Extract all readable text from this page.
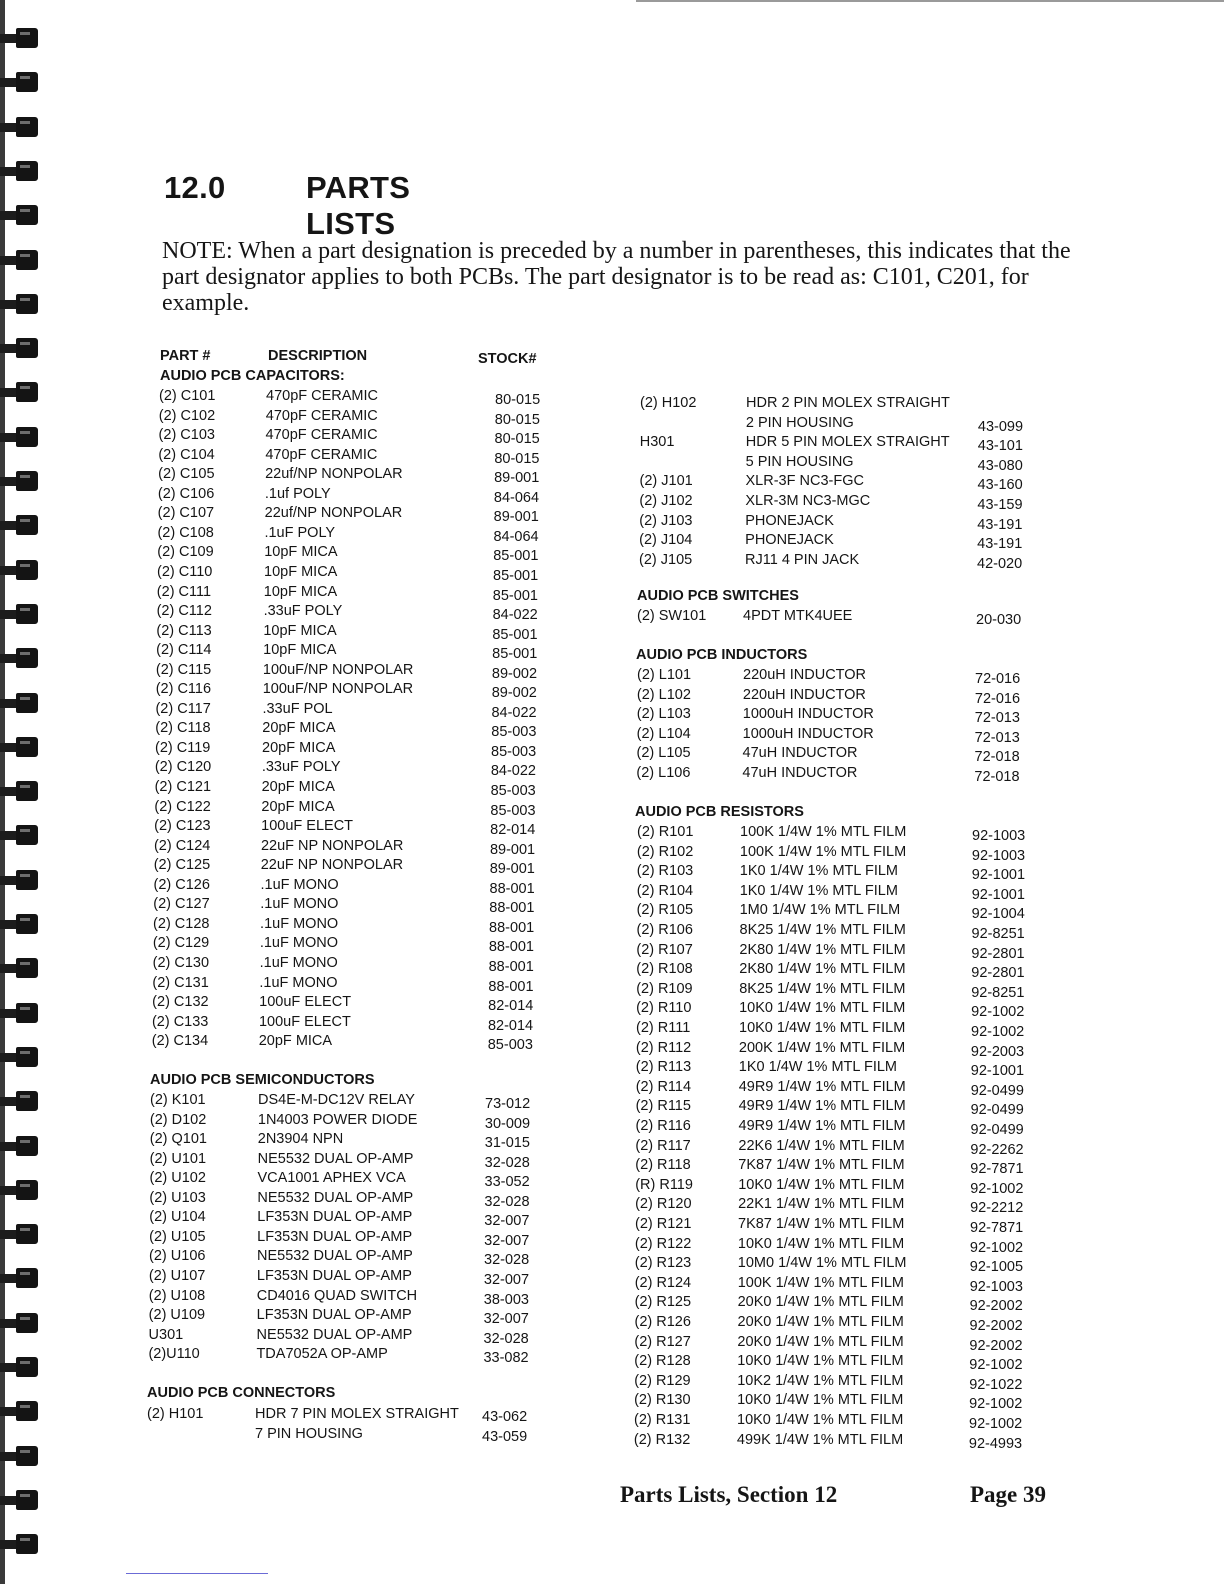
12.0	PARTS LISTS
NOTE: When a part designation is preceded by a number in parentheses, this indicates that the part designator applies to both PCBs. The part designator is to be read as: C101, C201, for example.
PART #	DESCRIPTION	STOCK#
AUDIO PCB CAPACITORS:
(2) C101	470pF CERAMIC	80-015
(2) C102	470pF CERAMIC	80-015
(2) C103	470pF CERAMIC	80-015
(2) C104	470pF CERAMIC	80-015
(2) C105	22uf/NP NONPOLAR	89-001
(2) C106	.1uf POLY	84-064
(2) C107	22uf/NP NONPOLAR	89-001
(2) C108	.1uF POLY	84-064
(2) C109	10pF MICA	85-001
(2) C110	10pF MICA	85-001
(2) C111	10pF MICA	85-001
(2) C112	.33uF POLY	84-022
(2) C113	10pF MICA	85-001
(2) C114	10pF MICA	85-001
(2) C115	100uF/NP NONPOLAR	89-002
(2) C116	100uF/NP NONPOLAR	89-002
(2) C117	.33uF POL	84-022
(2) C118	20pF MICA	85-003
(2) C119	20pF MICA	85-003
(2) C120	.33uF POLY	84-022
(2) C121	20pF MICA	85-003
(2) C122	20pF MICA	85-003
(2) C123	100uF ELECT	82-014
(2) C124	22uF NP NONPOLAR	89-001
(2) C125	22uF NP NONPOLAR	89-001
(2) C126	.1uF MONO	88-001
(2) C127	.1uF MONO	88-001
(2) C128	.1uF MONO	88-001
(2) C129	.1uF MONO	88-001
(2) C130	.1uF MONO	88-001
(2) C131	.1uF MONO	88-001
(2) C132	100uF ELECT	82-014
(2) C133	100uF ELECT	82-014
(2) C134	20pF MICA	85-003
AUDIO PCB SEMICONDUCTORS
(2) K101	DS4E-M-DC12V RELAY	73-012
(2) D102	1N4003 POWER DIODE	30-009
(2) Q101	2N3904 NPN	31-015
(2) U101	NE5532 DUAL OP-AMP	32-028
(2) U102	VCA1001 APHEX VCA	33-052
(2) U103	NE5532 DUAL OP-AMP	32-028
(2) U104	LF353N DUAL OP-AMP	32-007
(2) U105	LF353N DUAL OP-AMP	32-007
(2) U106	NE5532 DUAL OP-AMP	32-028
(2) U107	LF353N DUAL OP-AMP	32-007
(2) U108	CD4016 QUAD SWITCH	38-003
(2) U109	LF353N DUAL OP-AMP	32-007
U301	NE5532 DUAL OP-AMP	32-028
(2)U110	TDA7052A OP-AMP	33-082
AUDIO PCB CONNECTORS
(2) H101	HDR 7 PIN MOLEX STRAIGHT 43-062
7 PIN HOUSING	43-059
(2) H102	HDR 2 PIN MOLEX STRAIGHT
2 PIN HOUSING	43-099
H301	HDR 5 PIN MOLEX STRAIGHT 43-101
5 PIN HOUSING	43-080
(2) J101	XLR-3F NC3-FGC	43-160
(2) J102	XLR-3M NC3-MGC	43-159
(2) J103	PHONEJACK	43-191
(2) J104	PHONEJACK	43-191
(2) J105	RJ11 4 PIN JACK	42-020
AUDIO PCB SWITCHES
(2) SW101	4PDT MTK4UEE	20-030
AUDIO PCB INDUCTORS
(2) L101	220uH INDUCTOR	72-016
(2) L102	220uH INDUCTOR	72-016
(2) L103	1000uH INDUCTOR	72-013
(2) L104	1000uH INDUCTOR	72-013
(2) L105	47uH INDUCTOR	72-018
(2) L106	47uH INDUCTOR	72-018
AUDIO PCB RESISTORS
(2) R101	100K 1/4W 1% MTL FILM	92-1003
(2) R102	100K 1/4W 1% MTL FILM	92-1003
(2) R103	1K0 1/4W 1% MTL FILM	92-1001
(2) R104	1K0 1/4W 1% MTL FILM	92-1001
(2) R105	1M0 1/4W 1% MTL FILM	92-1004
(2) R106	8K25 1/4W 1% MTL FILM	92-8251
(2) R107	2K80 1/4W 1% MTL FILM	92-2801
(2) R108	2K80 1/4W 1% MTL FILM	92-2801
(2) R109	8K25 1/4W 1% MTL FILM	92-8251
(2) R110	10K0 1/4W 1% MTL FILM	92-1002
(2) R111	10K0 1/4W 1% MTL FILM	92-1002
(2) R112	200K 1/4W 1% MTL FILM	92-2003
(2) R113	1K0 1/4W 1% MTL FILM	92-1001
(2) R114	49R9 1/4W 1% MTL FILM	92-0499
(2) R115	49R9 1/4W 1% MTL FILM	92-0499
(2) R116	49R9 1/4W 1% MTL FILM	92-0499
(2) R117	22K6 1/4W 1% MTL FILM	92-2262
(2) R118	7K87 1/4W 1% MTL FILM	92-7871
(R) R119	10K0 1/4W 1% MTL FILM	92-1002
(2) R120	22K1 1/4W 1% MTL FILM	92-2212
(2) R121	7K87 1/4W 1% MTL FILM	92-7871
(2) R122	10K0 1/4W 1% MTL FILM	92-1002
(2) R123	10M0 1/4W 1% MTL FILM	92-1005
(2) R124	100K 1/4W 1% MTL FILM	92-1003
(2) R125	20K0 1/4W 1% MTL FILM	92-2002
(2) R126	20K0 1/4W 1% MTL FILM	92-2002
(2) R127	20K0 1/4W 1% MTL FILM	92-2002
(2) R128	10K0 1/4W 1% MTL FILM	92-1002
(2) R129	10K2 1/4W 1% MTL FILM	92-1022
(2) R130	10K0 1/4W 1% MTL FILM	92-1002
(2) R131	10K0 1/4W 1% MTL FILM	92-1002
(2) R132	499K 1/4W 1% MTL FILM	92-4993
Parts Lists, Section 12	Page 39
